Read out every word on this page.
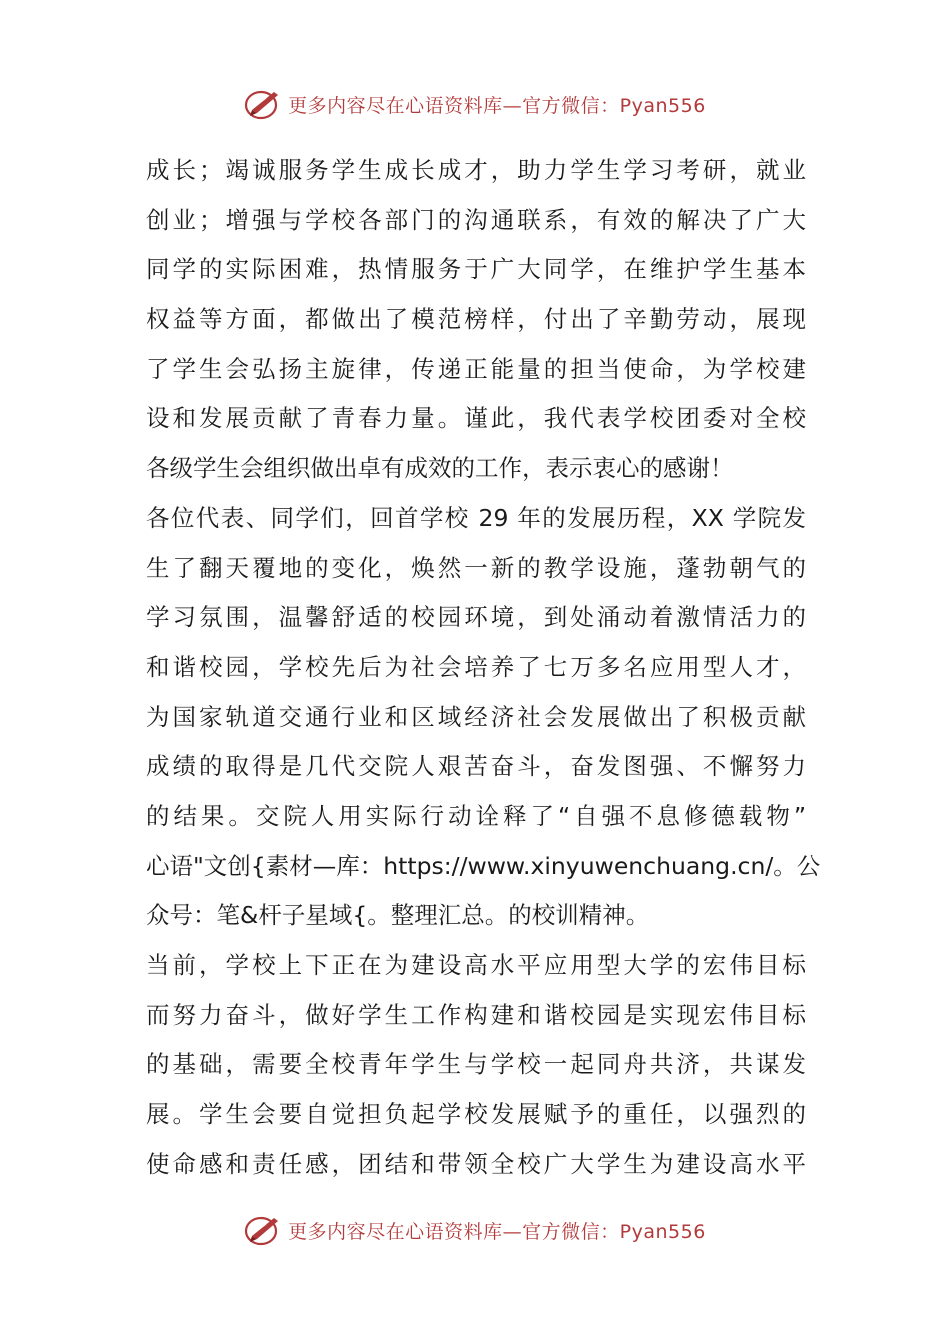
更多内容尽在心语资料库—官方微信：Pyan556
成长；竭诚服务学生成长成才，助力学生学习考研，就业
创业；增强与学校各部门的沟通联系，有效的解决了广大
同学的实际困难，热情服务于广大同学，在维护学生基本
权益等方面，都做出了模范榜样，付出了辛勤劳动，展现
了学生会弘扬主旋律，传递正能量的担当使命，为学校建
设和发展贡献了青春力量。谨此，我代表学校团委对全校
各级学生会组织做出卓有成效的工作，表示衷心的感谢！
各位代表、同学们，回首学校 29 年的发展历程，XX 学院发
生了翻天覆地的变化，焕然一新的教学设施，蓬勃朝气的
学习氛围，温馨舒适的校园环境，到处涌动着激情活力的
和谐校园，学校先后为社会培养了七万多名应用型人才，
为国家轨道交通行业和区域经济社会发展做出了积极贡献
成绩的取得是几代交院人艰苦奋斗，奋发图强、不懈努力
的结果。交院人用实际行动诠释了“自强不息修德载物”
心语"文创{素材—库：https://www.xinyuwenchuang.cn/。公
众号：笔&杆子星域{。整理汇总。的校训精神。
当前，学校上下正在为建设高水平应用型大学的宏伟目标
而努力奋斗，做好学生工作构建和谐校园是实现宏伟目标
的基础，需要全校青年学生与学校一起同舟共济，共谋发
展。学生会要自觉担负起学校发展赋予的重任，以强烈的
使命感和责任感，团结和带领全校广大学生为建设高水平
更多内容尽在心语资料库—官方微信：Pyan556
